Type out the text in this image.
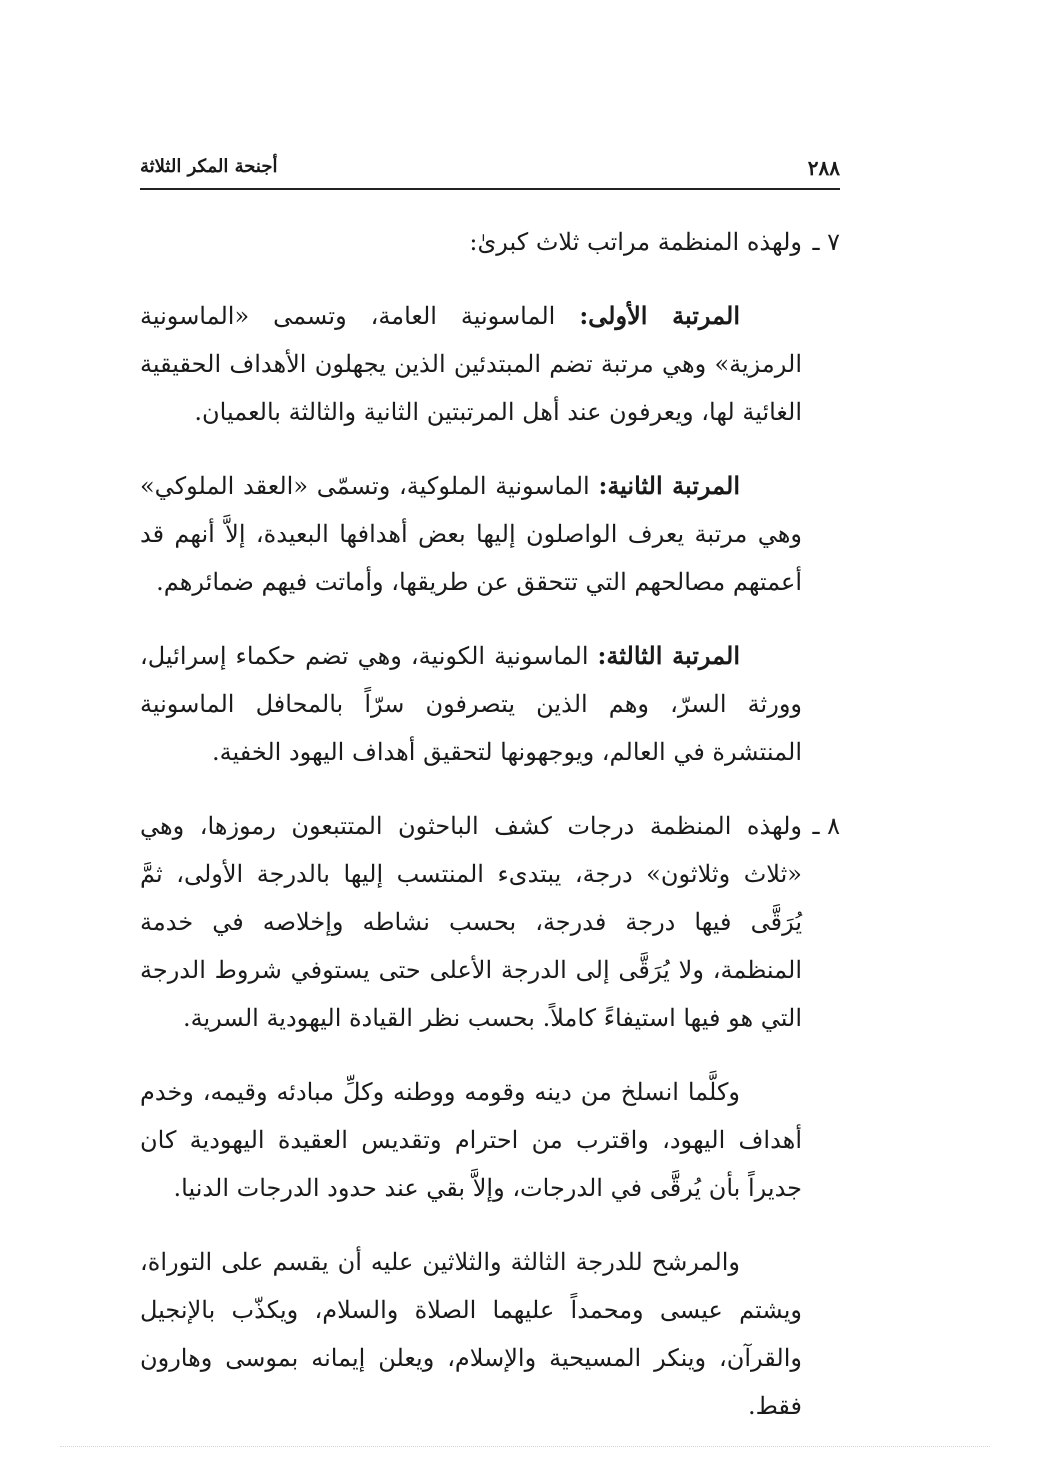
٢٨٨
أجنحة المكر الثلاثة
٧ ـ
ولهذه المنظمة مراتب ثلاث كبرىٰ:

المرتبة الأولى: الماسونية العامة، وتسمى «الماسونية الرمزية» وهي مرتبة تضم المبتدئين الذين يجهلون الأهداف الحقيقية الغائية لها، ويعرفون عند أهل المرتبتين الثانية والثالثة بالعميان.

المرتبة الثانية: الماسونية الملوكية، وتسمّى «العقد الملوكي» وهي مرتبة يعرف الواصلون إليها بعض أهدافها البعيدة، إلاَّ أنهم قد أعمتهم مصالحهم التي تتحقق عن طريقها، وأماتت فيهم ضمائرهم.

المرتبة الثالثة: الماسونية الكونية، وهي تضم حكماء إسرائيل، وورثة السرّ، وهم الذين يتصرفون سرّاً بالمحافل الماسونية المنتشرة في العالم، ويوجهونها لتحقيق أهداف اليهود الخفية.

٨ ـ
ولهذه المنظمة درجات كشف الباحثون المتتبعون رموزها، وهي «ثلاث وثلاثون» درجة، يبتدىء المنتسب إليها بالدرجة الأولى، ثمَّ يُرَقَّى فيها درجة فدرجة، بحسب نشاطه وإخلاصه في خدمة المنظمة، ولا يُرَقَّى إلى الدرجة الأعلى حتى يستوفي شروط الدرجة التي هو فيها استيفاءً كاملاً. بحسب نظر القيادة اليهودية السرية.

وكلَّما انسلخ من دينه وقومه ووطنه وكلِّ مبادئه وقيمه، وخدم أهداف اليهود، واقترب من احترام وتقديس العقيدة اليهودية كان جديراً بأن يُرقَّى في الدرجات، وإلاَّ بقي عند حدود الدرجات الدنيا.

والمرشح للدرجة الثالثة والثلاثين عليه أن يقسم على التوراة، ويشتم عيسى ومحمداً عليهما الصلاة والسلام، ويكذّب بالإنجيل والقرآن، وينكر المسيحية والإسلام، ويعلن إيمانه بموسى وهارون فقط.
